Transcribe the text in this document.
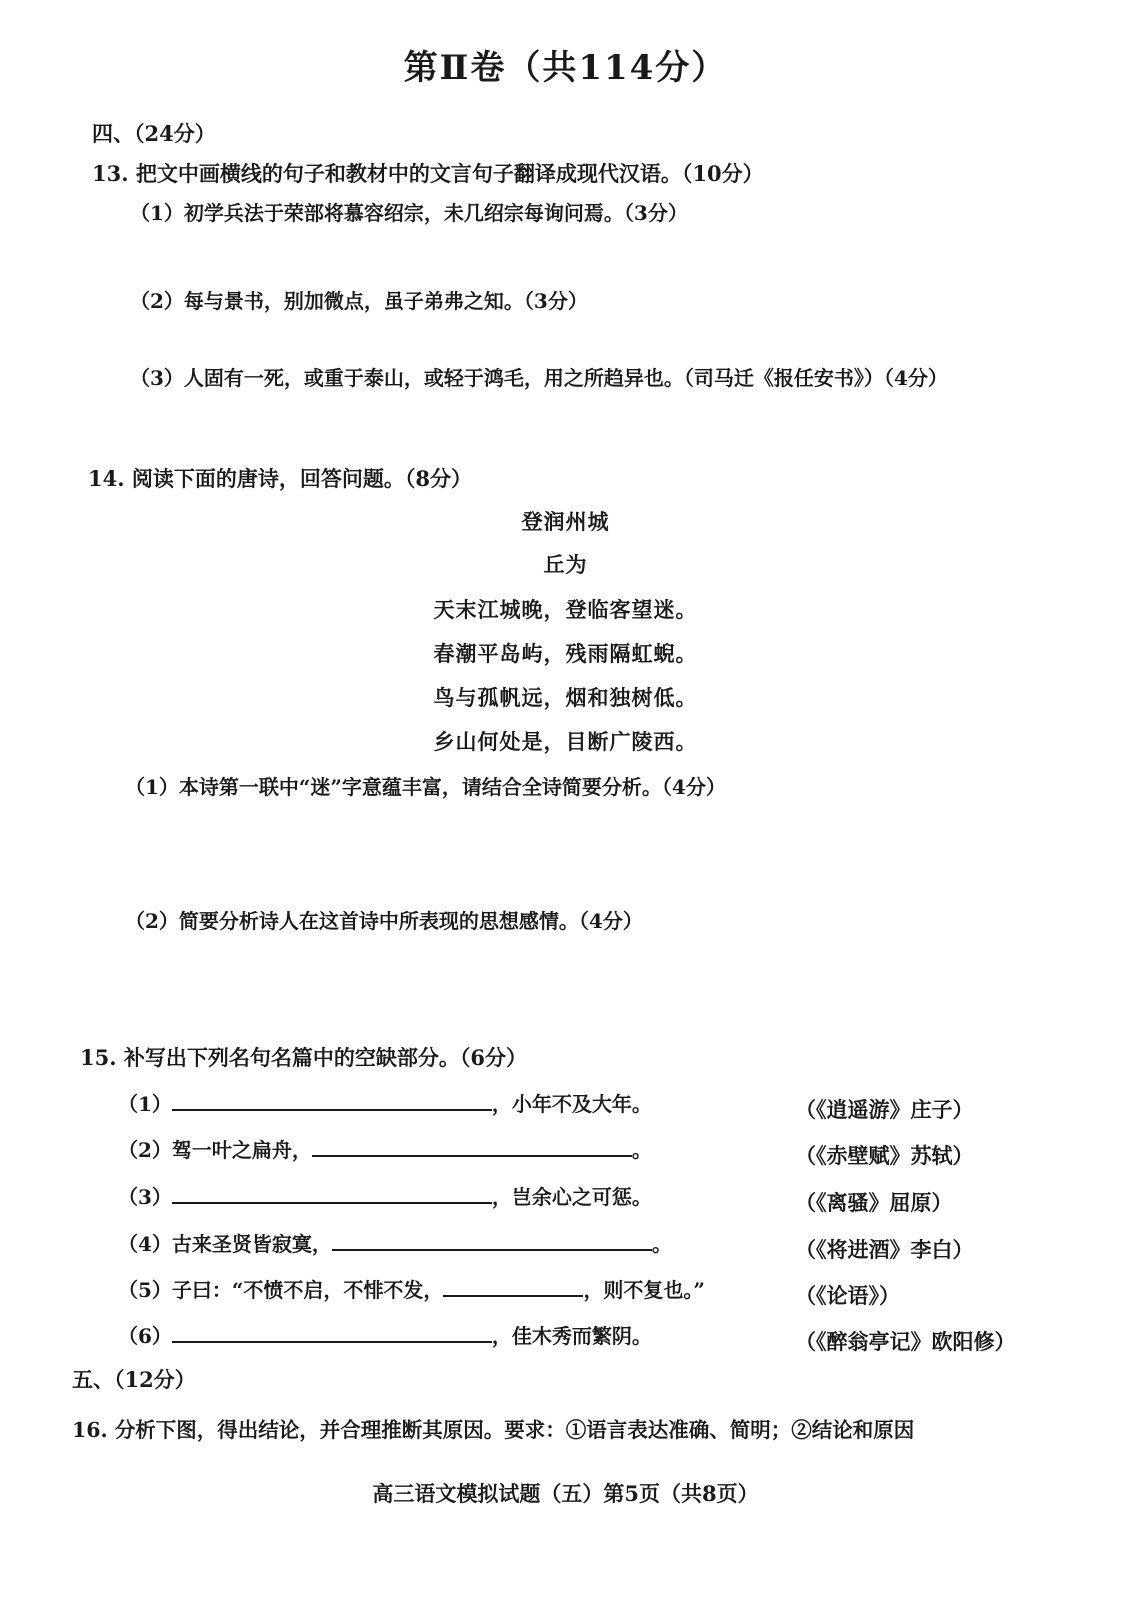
第Ⅱ卷（共114分）
四、（24分）
13. 把文中画横线的句子和教材中的文言句子翻译成现代汉语。（10分）
（1）初学兵法于荣部将慕容绍宗，未几绍宗每询问焉。（3分）
（2）每与景书，别加微点，虽子弟弗之知。（3分）
（3）人固有一死，或重于泰山，或轻于鸿毛，用之所趋异也。（司马迁《报任安书》）（4分）
14. 阅读下面的唐诗，回答问题。（8分）
登润州城
丘为
天末江城晚，登临客望迷。
春潮平岛屿，残雨隔虹蜺。
鸟与孤帆远，烟和独树低。
乡山何处是，目断广陵西。
（1）本诗第一联中“迷”字意蕴丰富，请结合全诗简要分析。（4分）
（2）简要分析诗人在这首诗中所表现的思想感情。（4分）
15. 补写出下列名句名篇中的空缺部分。（6分）
（1）	，小年不及大年。	（《逍遥游》庄子）
（2）驾一叶之扁舟，	。	（《赤壁赋》苏轼）
（3）	，岂余心之可惩。	（《离骚》屈原）
（4）古来圣贤皆寂寞，	。	（《将进酒》李白）
（5）子曰：“不愤不启，不悱不发，	，则不复也。”	（《论语》）
（6）	，佳木秀而繁阴。	（《醉翁亭记》欧阳修）
五、（12分）
16. 分析下图，得出结论，并合理推断其原因。要求：①语言表达准确、简明；②结论和原因
高三语文模拟试题（五）第5页（共8页）
